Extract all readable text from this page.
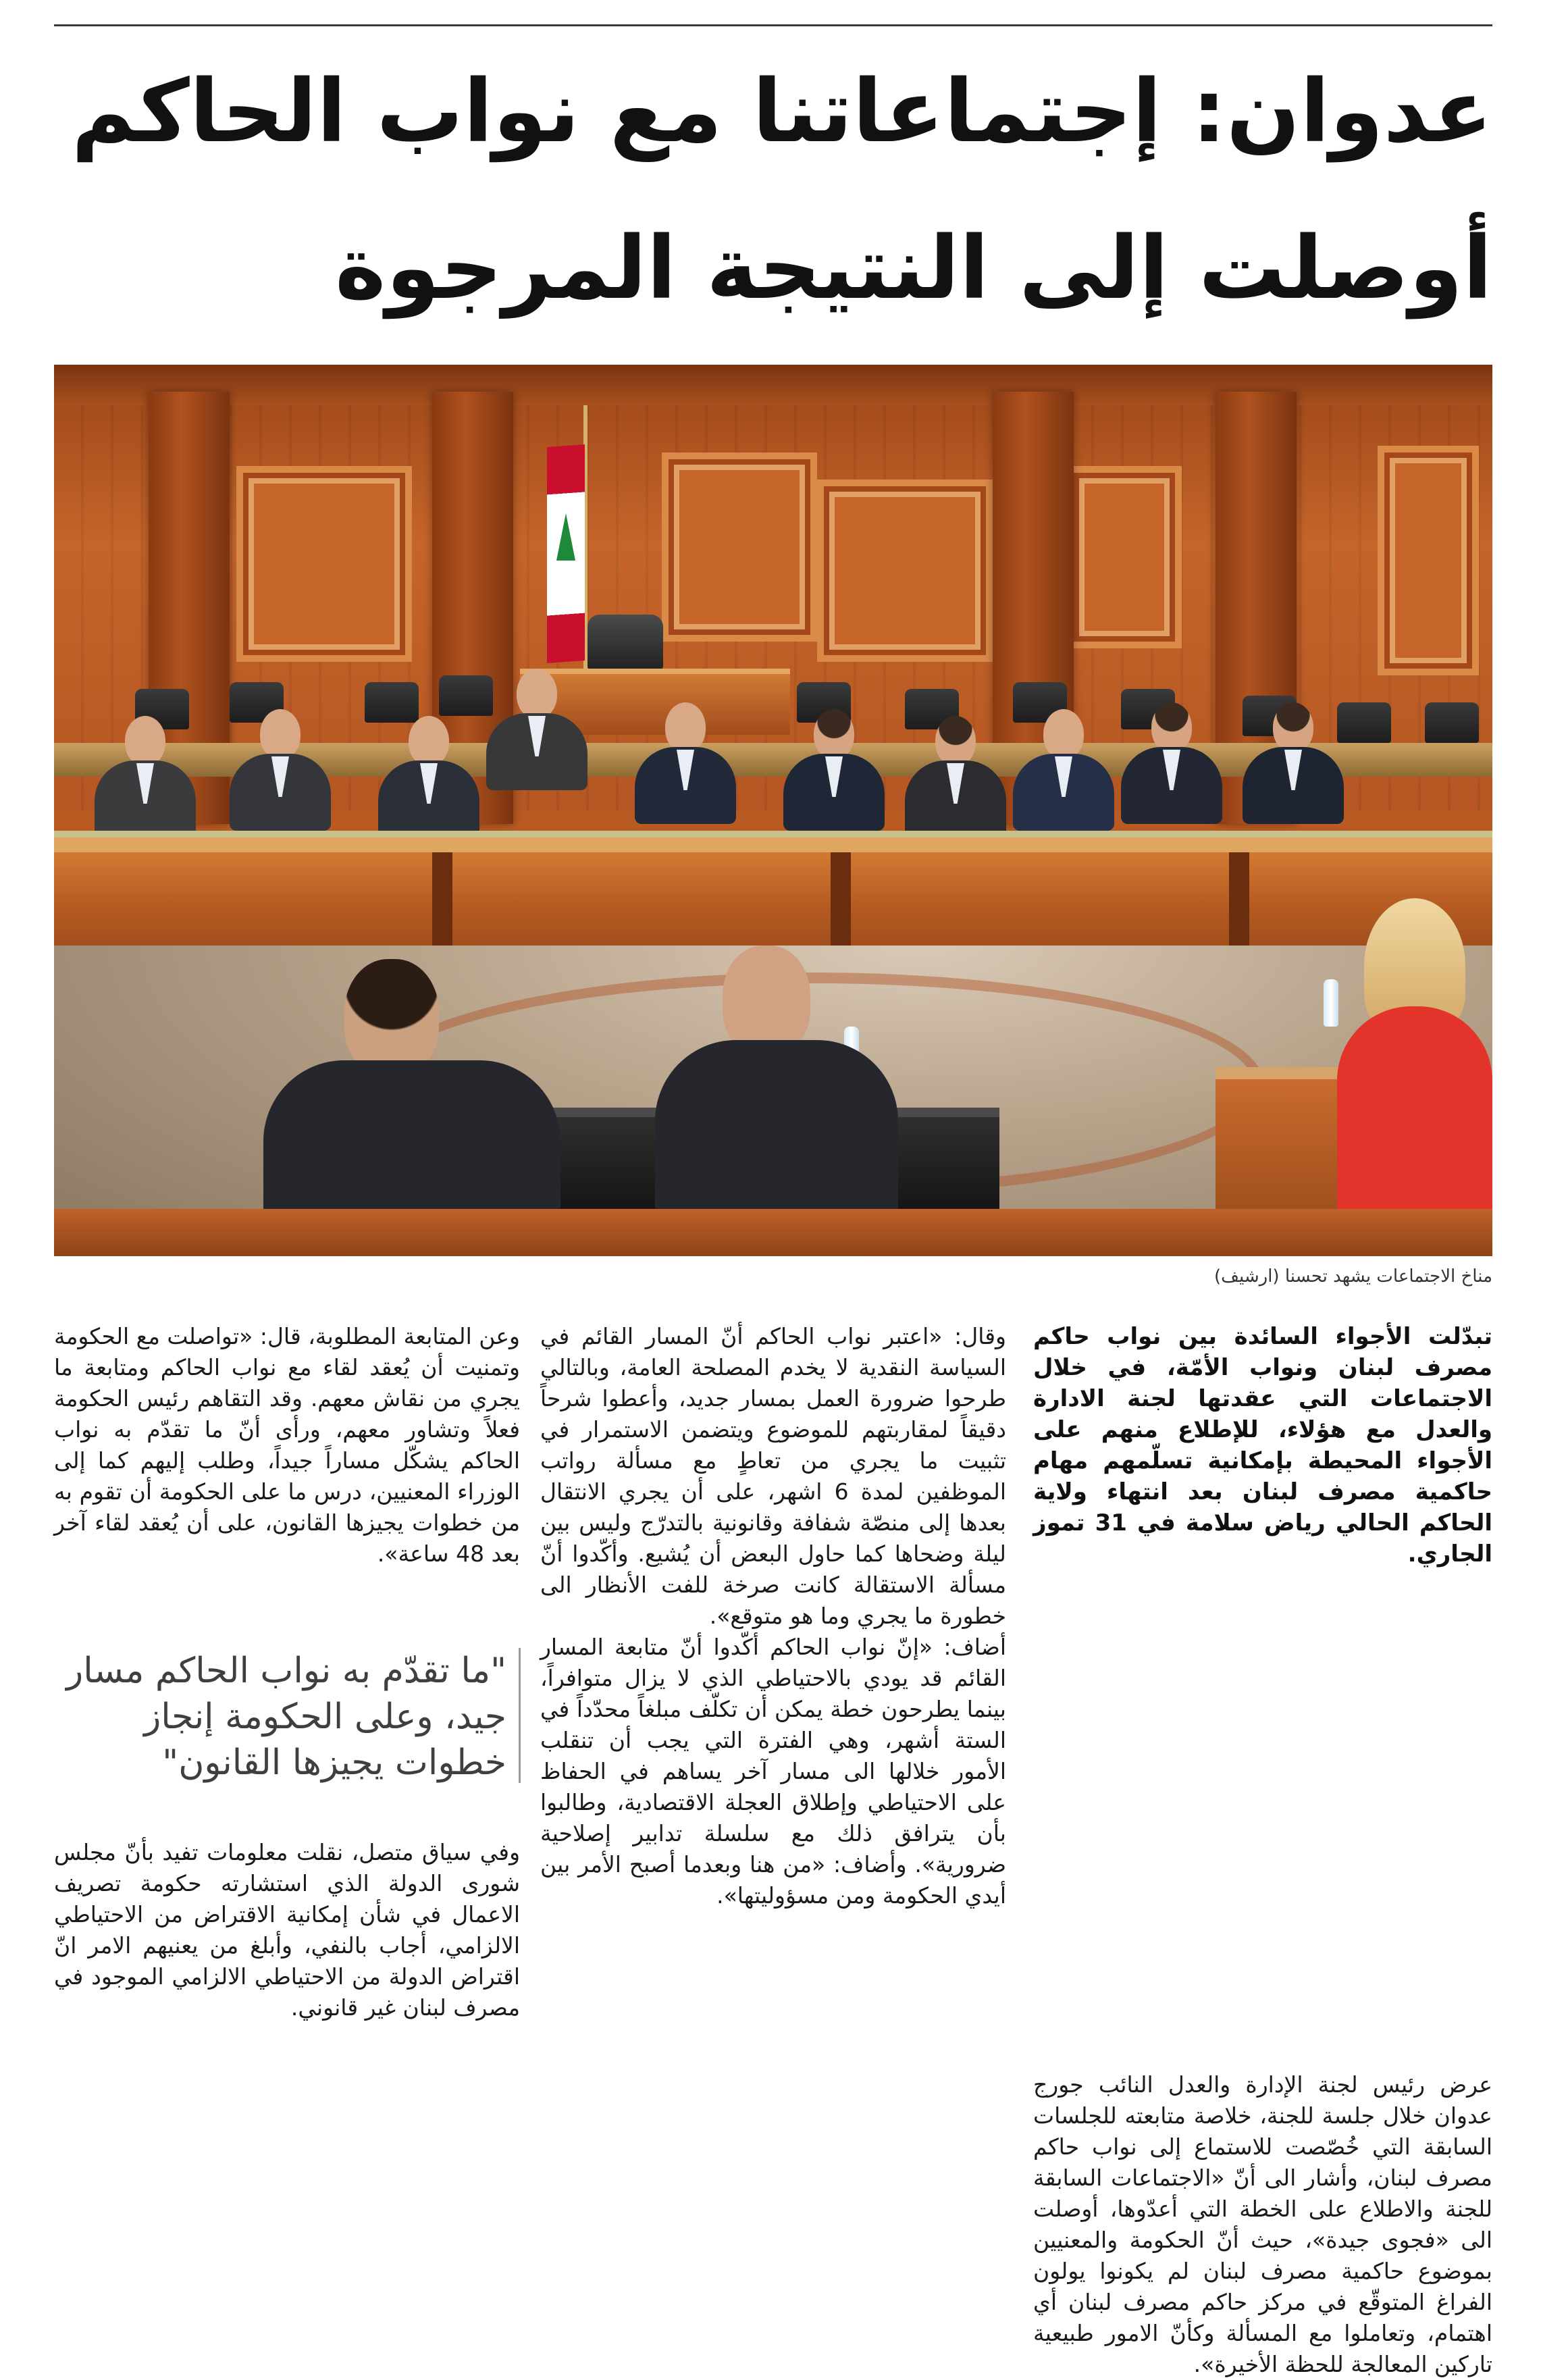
عدوان: إجتماعاتنا مع نواب الحاكم
أوصلت إلى النتيجة المرجوة

مناخ الاجتماعات يشهد تحسنا (ارشيف)

تبدّلت الأجواء السائدة بين نواب حاكم مصرف لبنان ونواب الأمّة، في خلال الاجتماعات التي عقدتها لجنة الادارة والعدل مع هؤلاء، للإطلاع منهم على الأجواء المحيطة بإمكانية تسلّمهم مهام حاكمية مصرف لبنان بعد انتهاء ولاية الحاكم الحالي رياض سلامة في 31 تموز الجاري.

عرض رئيس لجنة الإدارة والعدل النائب جورج عدوان خلال جلسة للجنة، خلاصة متابعته للجلسات السابقة التي خُصّصت للاستماع إلى نواب حاكم مصرف لبنان، وأشار الى أنّ «الاجتماعات السابقة للجنة والاطلاع على الخطة التي أعدّوها، أوصلت الى «فجوى جيدة»، حيث أنّ الحكومة والمعنيين بموضوع حاكمية مصرف لبنان لم يكونوا يولون الفراغ المتوقّع في مركز حاكم مصرف لبنان أي اهتمام، وتعاملوا مع المسألة وكأنّ الامور طبيعية تاركين المعالجة للحظة الأخيرة».

وقال: «اعتبر نواب الحاكم أنّ المسار القائم في السياسة النقدية لا يخدم المصلحة العامة، وبالتالي طرحوا ضرورة العمل بمسار جديد، وأعطوا شرحاً دقيقاً لمقاربتهم للموضوع ويتضمن الاستمرار في تثبيت ما يجري من تعاطٍ مع مسألة رواتب الموظفين لمدة 6 اشهر، على أن يجري الانتقال بعدها إلى منصّة شفافة وقانونية بالتدرّج وليس بين ليلة وضحاها كما حاول البعض أن يُشيع. وأكّدوا أنّ مسألة الاستقالة كانت صرخة للفت الأنظار الى خطورة ما يجري وما هو متوقع».

أضاف: «إنّ نواب الحاكم أكّدوا أنّ متابعة المسار القائم قد يودي بالاحتياطي الذي لا يزال متوافراً، بينما يطرحون خطة يمكن أن تكلّف مبلغاً محدّداً في الستة أشهر، وهي الفترة التي يجب أن تنقلب الأمور خلالها الى مسار آخر يساهم في الحفاظ على الاحتياطي وإطلاق العجلة الاقتصادية، وطالبوا بأن يترافق ذلك مع سلسلة تدابير إصلاحية ضرورية». وأضاف: «من هنا وبعدما أصبح الأمر بين أيدي الحكومة ومن مسؤوليتها».

وعن المتابعة المطلوبة، قال: «تواصلت مع الحكومة وتمنيت أن يُعقد لقاء مع نواب الحاكم ومتابعة ما يجري من نقاش معهم. وقد التقاهم رئيس الحكومة فعلاً وتشاور معهم، ورأى أنّ ما تقدّم به نواب الحاكم يشكّل مساراً جيداً، وطلب إليهم كما إلى الوزراء المعنيين، درس ما على الحكومة أن تقوم به من خطوات يجيزها القانون، على أن يُعقد لقاء آخر بعد 48 ساعة».

"ما تقدّم به نواب الحاكم مسار جيد، وعلى الحكومة إنجاز خطوات يجيزها القانون"

وفي سياق متصل، نقلت معلومات تفيد بأنّ مجلس شورى الدولة الذي استشارته حكومة تصريف الاعمال في شأن إمكانية الاقتراض من الاحتياطي الالزامي، أجاب بالنفي، وأبلغ من يعنيهم الامر انّ اقتراض الدولة من الاحتياطي الالزامي الموجود في مصرف لبنان غير قانوني.
